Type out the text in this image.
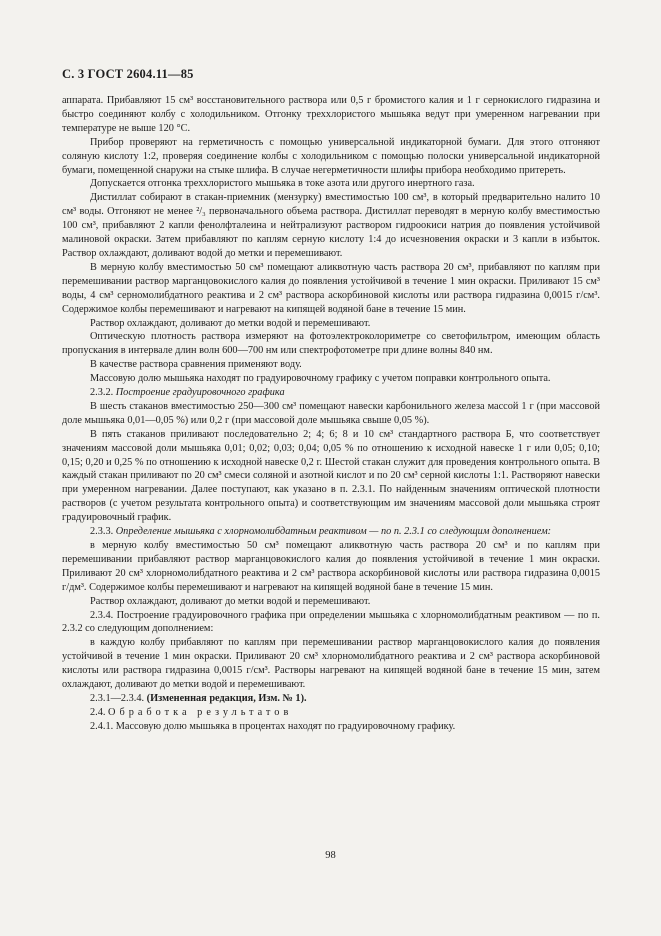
С. 3 ГОСТ 2604.11—85

аппарата. Прибавляют 15 см³ восстановительного раствора или 0,5 г бромистого калия и 1 г сернокислого гидразина и быстро соединяют колбу с холодильником. Отгонку треххлористого мышьяка ведут при умеренном нагревании при температуре не выше 120 °С.

Прибор проверяют на герметичность с помощью универсальной индикаторной бумаги. Для этого отгоняют соляную кислоту 1:2, проверяя соединение колбы с холодильником с помощью полоски универсальной индикаторной бумаги, помещенной снаружи на стыке шлифа. В случае негерметичности шлифы прибора необходимо притереть.

Допускается отгонка треххлористого мышьяка в токе азота или другого инертного газа.

Дистиллат собирают в стакан-приемник (мензурку) вместимостью 100 см³, в который предварительно налито 10 см³ воды. Отгоняют не менее ²/₃ первоначального объема раствора. Дистиллат переводят в мерную колбу вместимостью 100 см³, прибавляют 2 капли фенолфталеина и нейтрализуют раствором гидроокиси натрия до появления устойчивой малиновой окраски. Затем прибавляют по каплям серную кислоту 1:4 до исчезновения окраски и 3 капли в избыток. Раствор охлаждают, доливают водой до метки и перемешивают.

В мерную колбу вместимостью 50 см³ помещают аликвотную часть раствора 20 см³, прибавляют по каплям при перемешивании раствор марганцовокислого калия до появления устойчивой в течение 1 мин окраски. Приливают 15 см³ воды, 4 см³ серномолибдатного реактива и 2 см³ раствора аскорбиновой кислоты или раствора гидразина 0,0015 г/см³. Содержимое колбы перемешивают и нагревают на кипящей водяной бане в течение 15 мин.

Раствор охлаждают, доливают до метки водой и перемешивают.

Оптическую плотность раствора измеряют на фотоэлектроколориметре со светофильтром, имеющим область пропускания в интервале длин волн 600—700 нм или спектрофотометре при длине волны 840 нм.

В качестве раствора сравнения применяют воду.

Массовую долю мышьяка находят по градуировочному графику с учетом поправки контрольного опыта.

2.3.2. Построение градуировочного графика

В шесть стаканов вместимостью 250—300 см³ помещают навески карбонильного железа массой 1 г (при массовой доле мышьяка 0,01—0,05 %) или 0,2 г (при массовой доле мышьяка свыше 0,05 %).

В пять стаканов приливают последовательно 2; 4; 6; 8 и 10 см³ стандартного раствора Б, что соответствует значениям массовой доли мышьяка 0,01; 0,02; 0,03; 0,04; 0,05 % по отношению к исходной навеске 1 г или 0,05; 0,10; 0,15; 0,20 и 0,25 % по отношению к исходной навеске 0,2 г. Шестой стакан служит для проведения контрольного опыта. В каждый стакан приливают по 20 см³ смеси соляной и азотной кислот и по 20 см³ серной кислоты 1:1. Растворяют навески при умеренном нагревании. Далее поступают, как указано в п. 2.3.1. По найденным значениям оптической плотности растворов (с учетом результата контрольного опыта) и соответствующим им значениям массовой доли мышьяка строят градуировочный график.

2.3.3. Определение мышьяка с хлорномолибдатным реактивом — по п. 2.3.1 со следующим дополнением:

в мерную колбу вместимостью 50 см³ помещают аликвотную часть раствора 20 см³ и по каплям при перемешивании прибавляют раствор марганцовокислого калия до появления устойчивой в течение 1 мин окраски. Приливают 20 см³ хлорномолибдатного реактива и 2 см³ раствора аскорбиновой кислоты или раствора гидразина 0,0015 г/дм³. Содержимое колбы перемешивают и нагревают на кипящей водяной бане в течение 15 мин.

Раствор охлаждают, доливают до метки водой и перемешивают.

2.3.4. Построение градуировочного графика при определении мышьяка с хлорномолибдатным реактивом — по п. 2.3.2 со следующим дополнением:

в каждую колбу прибавляют по каплям при перемешивании раствор марганцовокислого калия до появления устойчивой в течение 1 мин окраски. Приливают 20 см³ хлорномолибдатного реактива и 2 см³ раствора аскорбиновой кислоты или раствора гидразина 0,0015 г/см³. Растворы нагревают на кипящей водяной бане в течение 15 мин, затем охлаждают, доливают до метки водой и перемешивают.

2.3.1—2.3.4. (Измененная редакция, Изм. № 1).

2.4. Обработка результатов

2.4.1. Массовую долю мышьяка в процентах находят по градуировочному графику.

98
